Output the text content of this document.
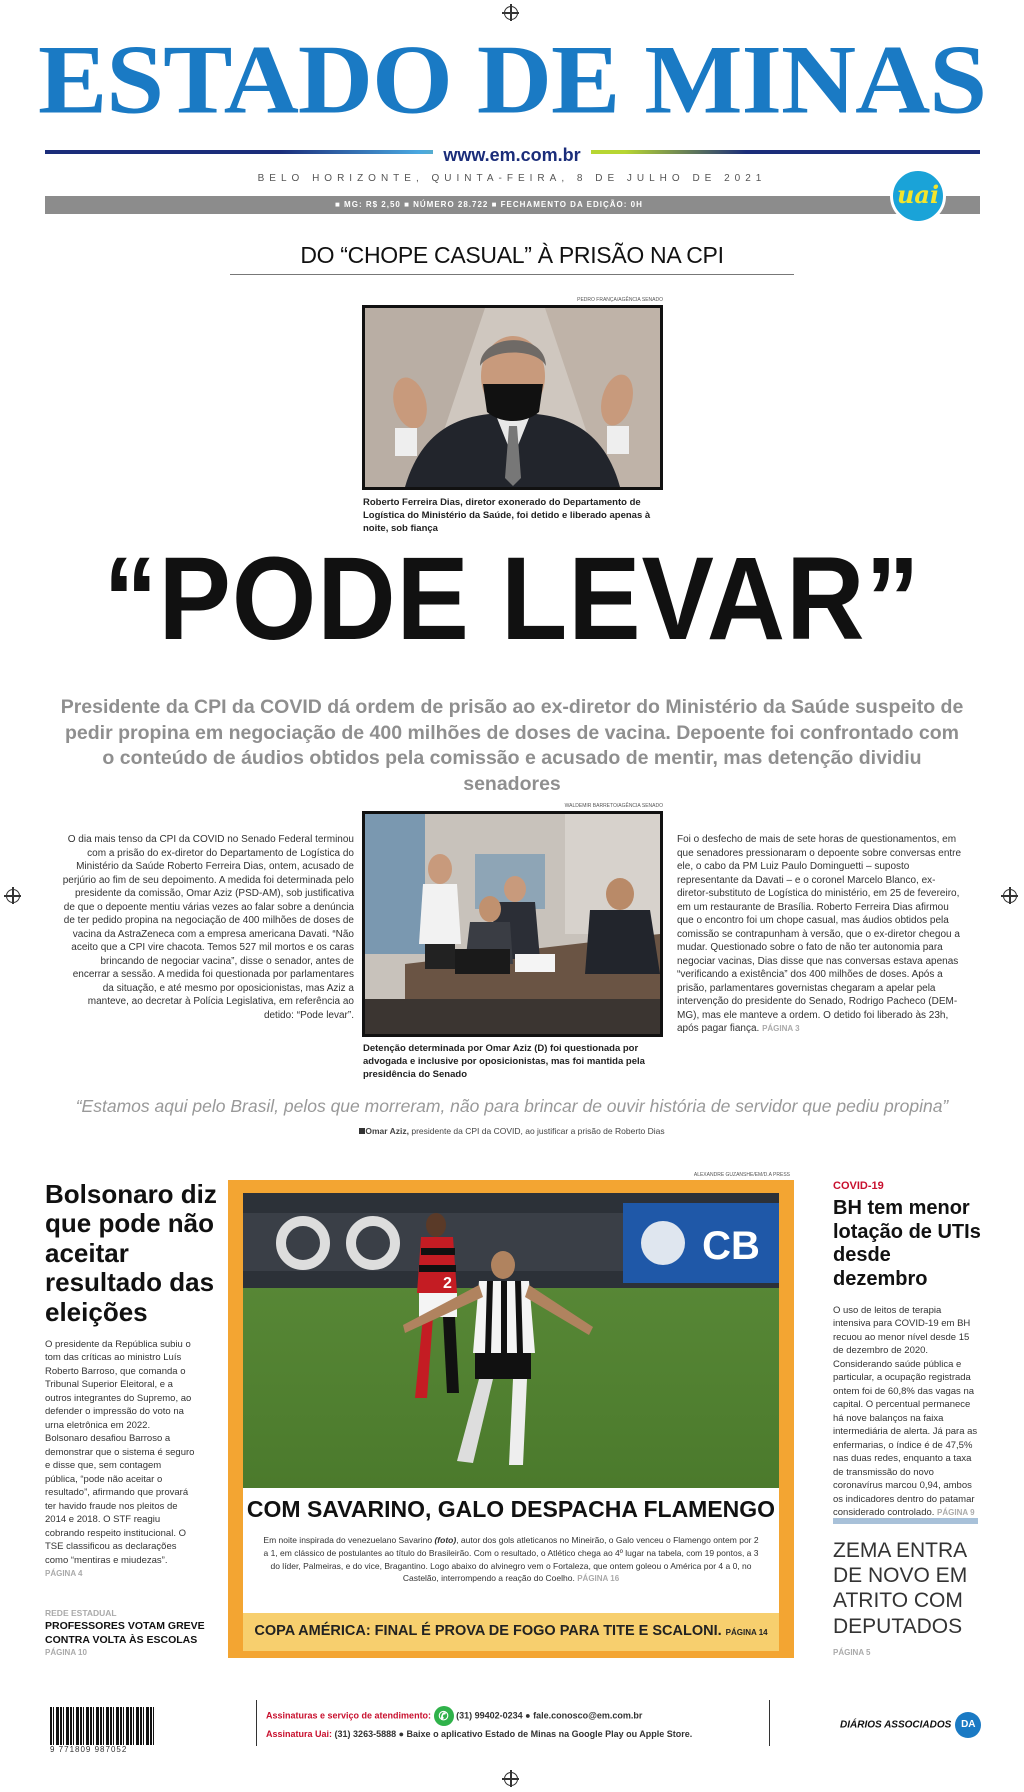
ESTADO DE MINAS
www.em.com.br
BELO HORIZONTE, QUINTA-FEIRA, 8 DE JULHO DE 2021
■ MG: R$ 2,50 ■ NÚMERO 28.722 ■ FECHAMENTO DA EDIÇÃO: 0H	uai
DO “CHOPE CASUAL” À PRISÃO NA CPI
PEDRO FRANÇA/AGÊNCIA SENADO
Roberto Ferreira Dias, diretor exonerado do Departamento de Logística do Ministério da Saúde, foi detido e liberado apenas à noite, sob fiança
“PODE LEVAR”
Presidente da CPI da COVID dá ordem de prisão ao ex-diretor do Ministério da Saúde suspeito de pedir propina em negociação de 400 milhões de doses de vacina. Depoente foi confrontado com o conteúdo de áudios obtidos pela comissão e acusado de mentir, mas detenção dividiu senadores
O dia mais tenso da CPI da COVID no Senado Federal terminou com a prisão do ex-diretor do Departamento de Logística do Ministério da Saúde Roberto Ferreira Dias, ontem, acusado de perjúrio ao fim de seu depoimento. A medida foi determinada pelo presidente da comissão, Omar Aziz (PSD-AM), sob justificativa de que o depoente mentiu várias vezes ao falar sobre a denúncia de ter pedido propina na negociação de 400 milhões de doses de vacina da AstraZeneca com a empresa americana Davati. “Não aceito que a CPI vire chacota. Temos 527 mil mortos e os caras brincando de negociar vacina”, disse o senador, antes de encerrar a sessão. A medida foi questionada por parlamentares da situação, e até mesmo por oposicionistas, mas Aziz a manteve, ao decretar à Polícia Legislativa, em referência ao detido: “Pode levar”.
WALDEMIR BARRETO/AGÊNCIA SENADO
Detenção determinada por Omar Aziz (D) foi questionada por advogada e inclusive por oposicionistas, mas foi mantida pela presidência do Senado
Foi o desfecho de mais de sete horas de questionamentos, em que senadores pressionaram o depoente sobre conversas entre ele, o cabo da PM Luiz Paulo Dominguetti – suposto representante da Davati – e o coronel Marcelo Blanco, ex-diretor-substituto de Logística do ministério, em 25 de fevereiro, em um restaurante de Brasília. Roberto Ferreira Dias afirmou que o encontro foi um chope casual, mas áudios obtidos pela comissão se contrapunham à versão, que o ex-diretor chegou a mudar. Questionado sobre o fato de não ter autonomia para negociar vacinas, Dias disse que nas conversas estava apenas “verificando a existência” dos 400 milhões de doses. Após a prisão, parlamentares governistas chegaram a apelar pela intervenção do presidente do Senado, Rodrigo Pacheco (DEM-MG), mas ele manteve a ordem. O detido foi liberado às 23h, após pagar fiança. PÁGINA 3
“Estamos aqui pelo Brasil, pelos que morreram, não para brincar de ouvir história de servidor que pediu propina”
Omar Aziz, presidente da CPI da COVID, ao justificar a prisão de Roberto Dias
Bolsonaro diz que pode não aceitar resultado das eleições
O presidente da República subiu o tom das críticas ao ministro Luís Roberto Barroso, que comanda o Tribunal Superior Eleitoral, e a outros integrantes do Supremo, ao defender o impressão do voto na urna eletrônica em 2022. Bolsonaro desafiou Barroso a demonstrar que o sistema é seguro e disse que, sem contagem pública, “pode não aceitar o resultado”, afirmando que provará ter havido fraude nos pleitos de 2014 e 2018. O STF reagiu cobrando respeito institucional. O TSE classificou as declarações como “mentiras e miudezas”. PÁGINA 4
REDE ESTADUAL
PROFESSORES VOTAM GREVE CONTRA VOLTA ÀS ESCOLAS
PÁGINA 10
ALEXANDRE GUZANSHE/EM/D.A PRESS
CB
2
COM SAVARINO, GALO DESPACHA FLAMENGO
Em noite inspirada do venezuelano Savarino (foto), autor dos gols atleticanos no Mineirão, o Galo venceu o Flamengo ontem por 2 a 1, em clássico de postulantes ao título do Brasileirão. Com o resultado, o Atlético chega ao 4º lugar na tabela, com 19 pontos, a 3 do líder, Palmeiras, e do vice, Bragantino. Logo abaixo do alvinegro vem o Fortaleza, que ontem goleou o América por 4 a 0, no Castelão, interrompendo a reação do Coelho. PÁGINA 16
COPA AMÉRICA: FINAL É PROVA DE FOGO PARA TITE E SCALONI. PÁGINA 14
COVID-19
BH tem menor lotação de UTIs desde dezembro
O uso de leitos de terapia intensiva para COVID-19 em BH recuou ao menor nível desde 15 de dezembro de 2020. Considerando saúde pública e particular, a ocupação registrada ontem foi de 60,8% das vagas na capital. O percentual permanece há nove balanços na faixa intermediária de alerta. Já para as enfermarias, o índice é de 47,5% nas duas redes, enquanto a taxa de transmissão do novo coronavírus marcou 0,94, ambos os indicadores dentro do patamar considerado controlado. PÁGINA 9
ZEMA ENTRA DE NOVO EM ATRITO COM DEPUTADOS
PÁGINA 5
9 771809 987052
Assinaturas e serviço de atendimento: ✆ (31) 99402-0234 ● fale.conosco@em.com.br
Assinatura Uai: (31) 3263-5888 ● Baixe o aplicativo Estado de Minas na Google Play ou Apple Store.
DIÁRIOS ASSOCIADOS DA
